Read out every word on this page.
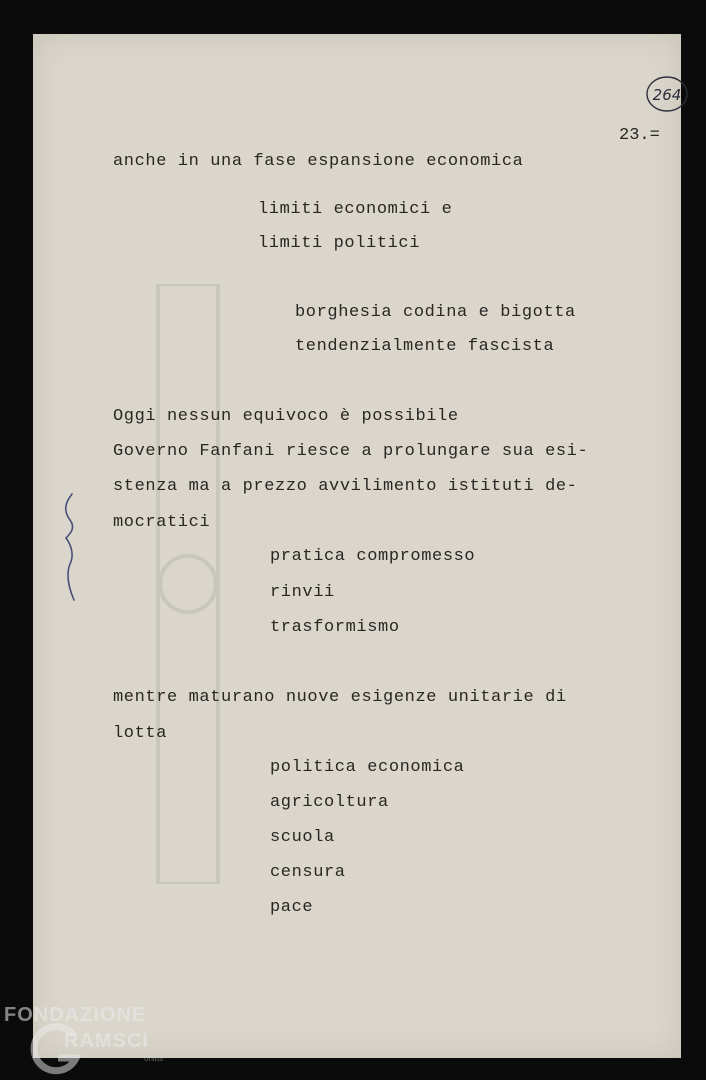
264
23.=
anche in una fase espansione economica
limiti economici e
limiti politici
borghesia codina e bigotta
tendenzialmente fascista
Oggi nessun equivoco è possibile
Governo Fanfani riesce a prolungare sua esi-
stenza ma a prezzo avvilimento istituti de-
mocratici
pratica compromesso
rinvii
trasformismo
mentre maturano nuove esigenze unitarie di
lotta
politica economica
agricoltura
scuola
censura
pace
FONDAZIONE
RAMSCI
onlus
